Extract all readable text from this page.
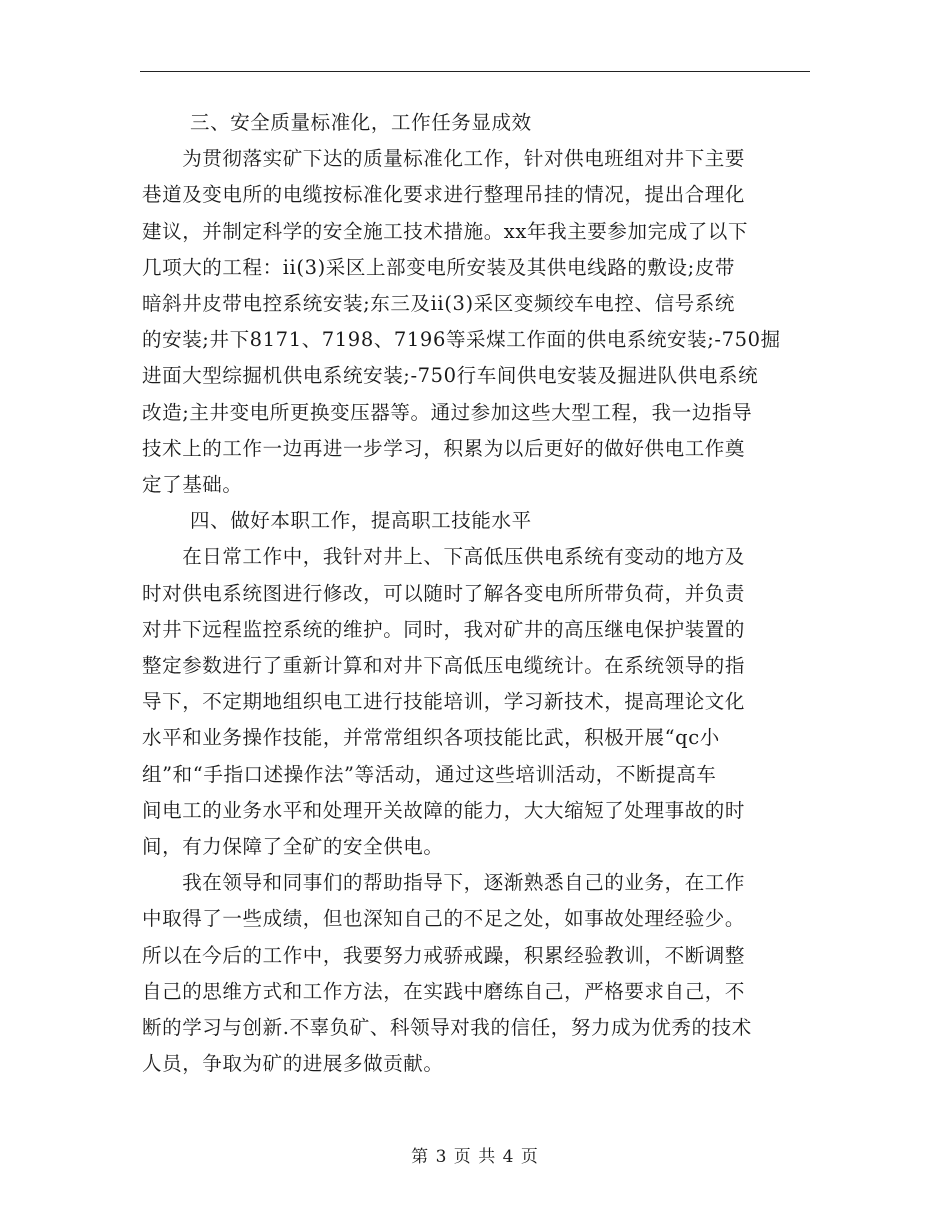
三、安全质量标准化，工作任务显成效

　　为贯彻落实矿下达的质量标准化工作，针对供电班组对井下主要
巷道及变电所的电缆按标准化要求进行整理吊挂的情况，提出合理化
建议，并制定科学的安全施工技术措施。xx年我主要参加完成了以下
几项大的工程：ii(3)采区上部变电所安装及其供电线路的敷设;皮带
暗斜井皮带电控系统安装;东三及ii(3)采区变频绞车电控、信号系统
的安装;井下8171、7198、7196等采煤工作面的供电系统安装;-750掘
进面大型综掘机供电系统安装;-750行车间供电安装及掘进队供电系统
改造;主井变电所更换变压器等。通过参加这些大型工程，我一边指导
技术上的工作一边再进一步学习，积累为以后更好的做好供电工作奠
定了基础。

四、做好本职工作，提高职工技能水平

　　在日常工作中，我针对井上、下高低压供电系统有变动的地方及
时对供电系统图进行修改，可以随时了解各变电所所带负荷，并负责
对井下远程监控系统的维护。同时，我对矿井的高压继电保护装置的
整定参数进行了重新计算和对井下高低压电缆统计。在系统领导的指
导下，不定期地组织电工进行技能培训，学习新技术，提高理论文化
水平和业务操作技能，并常常组织各项技能比武，积极开展“qc小
组”和“手指口述操作法”等活动，通过这些培训活动，不断提高车
间电工的业务水平和处理开关故障的能力，大大缩短了处理事故的时
间，有力保障了全矿的安全供电。
　　我在领导和同事们的帮助指导下，逐渐熟悉自己的业务，在工作
中取得了一些成绩，但也深知自己的不足之处，如事故处理经验少。
所以在今后的工作中，我要努力戒骄戒躁，积累经验教训，不断调整
自己的思维方式和工作方法，在实践中磨练自己，严格要求自己，不
断的学习与创新.不辜负矿、科领导对我的信任，努力成为优秀的技术
人员，争取为矿的进展多做贡献。
第 3 页 共 4 页
